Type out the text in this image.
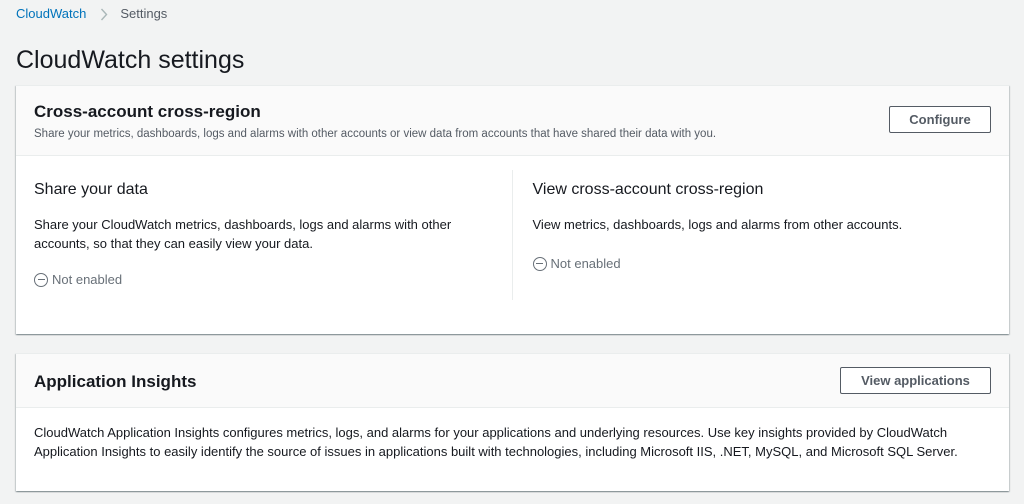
CloudWatch	Settings
CloudWatch settings
Cross-account cross-region
Share your metrics, dashboards, logs and alarms with other accounts or view data from accounts that have shared their data with you.
Configure
Share your data
Share your CloudWatch metrics, dashboards, logs and alarms with other accounts, so that they can easily view your data.
Not enabled
View cross-account cross-region
View metrics, dashboards, logs and alarms from other accounts.
Not enabled
Application Insights	View applications
CloudWatch Application Insights configures metrics, logs, and alarms for your applications and underlying resources. Use key insights provided by CloudWatch Application Insights to easily identify the source of issues in applications built with technologies, including Microsoft IIS, .NET, MySQL, and Microsoft SQL Server.
